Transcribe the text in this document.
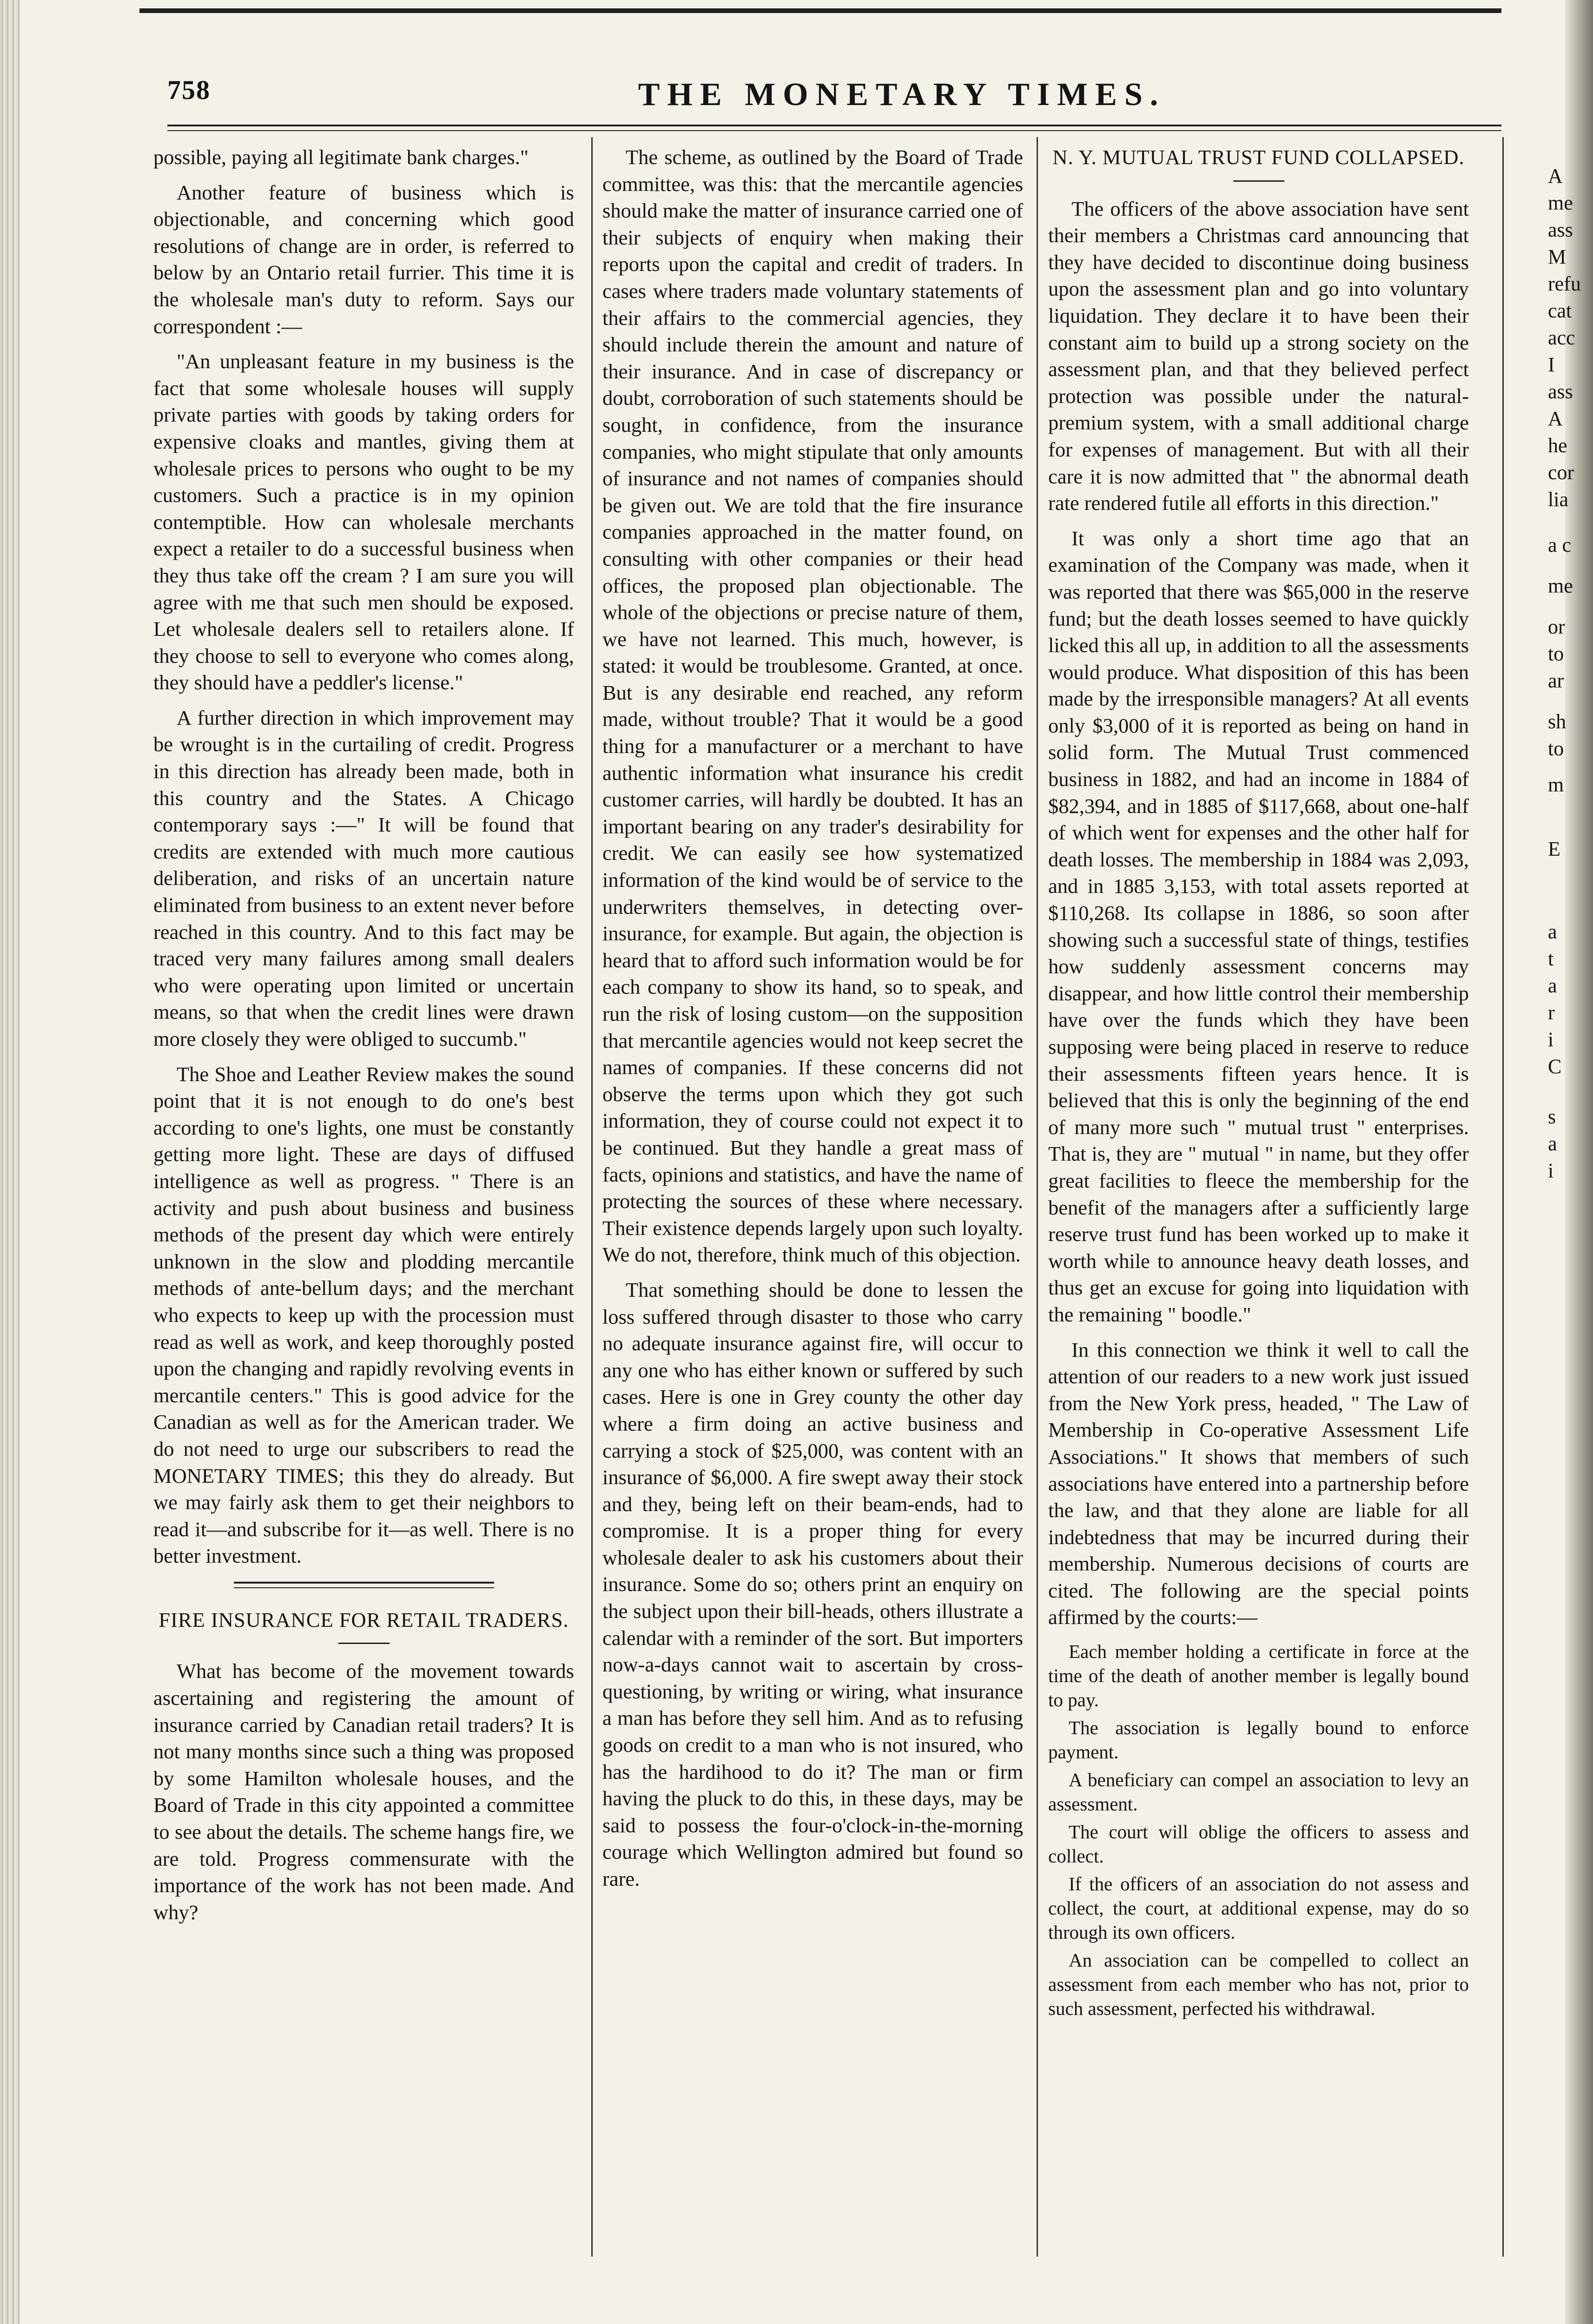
758	THE MONETARY TIMES.

possible, paying all legitimate bank charges."

Another feature of business which is objectionable, and concerning which good resolutions of change are in order, is referred to below by an Ontario retail furrier. This time it is the wholesale man's duty to reform. Says our correspondent :—

"An unpleasant feature in my business is the fact that some wholesale houses will supply private parties with goods by taking orders for expensive cloaks and mantles, giving them at wholesale prices to persons who ought to be my customers. Such a practice is in my opinion contemptible. How can wholesale merchants expect a retailer to do a successful business when they thus take off the cream ? I am sure you will agree with me that such men should be exposed. Let wholesale dealers sell to retailers alone. If they choose to sell to everyone who comes along, they should have a peddler's license."

A further direction in which improvement may be wrought is in the curtailing of credit. Progress in this direction has already been made, both in this country and the States. A Chicago contemporary says :—" It will be found that credits are extended with much more cautious deliberation, and risks of an uncertain nature eliminated from business to an extent never before reached in this country. And to this fact may be traced very many failures among small dealers who were operating upon limited or uncertain means, so that when the credit lines were drawn more closely they were obliged to succumb."

The Shoe and Leather Review makes the sound point that it is not enough to do one's best according to one's lights, one must be constantly getting more light. These are days of diffused intelligence as well as progress. " There is an activity and push about business and business methods of the present day which were entirely unknown in the slow and plodding mercantile methods of ante-bellum days; and the merchant who expects to keep up with the procession must read as well as work, and keep thoroughly posted upon the changing and rapidly revolving events in mercantile centers." This is good advice for the Canadian as well as for the American trader. We do not need to urge our subscribers to read the MONETARY TIMES; this they do already. But we may fairly ask them to get their neighbors to read it—and subscribe for it—as well. There is no better investment.

FIRE INSURANCE FOR RETAIL TRADERS.

What has become of the movement towards ascertaining and registering the amount of insurance carried by Canadian retail traders? It is not many months since such a thing was proposed by some Hamilton wholesale houses, and the Board of Trade in this city appointed a committee to see about the details. The scheme hangs fire, we are told. Progress commensurate with the importance of the work has not been made. And why?

The scheme, as outlined by the Board of Trade committee, was this: that the mercantile agencies should make the matter of insurance carried one of their subjects of enquiry when making their reports upon the capital and credit of traders. In cases where traders made voluntary statements of their affairs to the commercial agencies, they should include therein the amount and nature of their insurance. And in case of discrepancy or doubt, corroboration of such statements should be sought, in confidence, from the insurance companies, who might stipulate that only amounts of insurance and not names of companies should be given out. We are told that the fire insurance companies approached in the matter found, on consulting with other companies or their head offices, the proposed plan objectionable. The whole of the objections or precise nature of them, we have not learned. This much, however, is stated: it would be troublesome. Granted, at once. But is any desirable end reached, any reform made, without trouble? That it would be a good thing for a manufacturer or a merchant to have authentic information what insurance his credit customer carries, will hardly be doubted. It has an important bearing on any trader's desirability for credit. We can easily see how systematized information of the kind would be of service to the underwriters themselves, in detecting over-insurance, for example. But again, the objection is heard that to afford such information would be for each company to show its hand, so to speak, and run the risk of losing custom—on the supposition that mercantile agencies would not keep secret the names of companies. If these concerns did not observe the terms upon which they got such information, they of course could not expect it to be continued. But they handle a great mass of facts, opinions and statistics, and have the name of protecting the sources of these where necessary. Their existence depends largely upon such loyalty. We do not, therefore, think much of this objection.

That something should be done to lessen the loss suffered through disaster to those who carry no adequate insurance against fire, will occur to any one who has either known or suffered by such cases. Here is one in Grey county the other day where a firm doing an active business and carrying a stock of $25,000, was content with an insurance of $6,000. A fire swept away their stock and they, being left on their beam-ends, had to compromise. It is a proper thing for every wholesale dealer to ask his customers about their insurance. Some do so; others print an enquiry on the subject upon their bill-heads, others illustrate a calendar with a reminder of the sort. But importers now-a-days cannot wait to ascertain by cross-questioning, by writing or wiring, what insurance a man has before they sell him. And as to refusing goods on credit to a man who is not insured, who has the hardihood to do it? The man or firm having the pluck to do this, in these days, may be said to possess the four-o'clock-in-the-morning courage which Wellington admired but found so rare.

N. Y. MUTUAL TRUST FUND COLLAPSED.

The officers of the above association have sent their members a Christmas card announcing that they have decided to discontinue doing business upon the assessment plan and go into voluntary liquidation. They declare it to have been their constant aim to build up a strong society on the assessment plan, and that they believed perfect protection was possible under the natural-premium system, with a small additional charge for expenses of management. But with all their care it is now admitted that " the abnormal death rate rendered futile all efforts in this direction."

It was only a short time ago that an examination of the Company was made, when it was reported that there was $65,000 in the reserve fund; but the death losses seemed to have quickly licked this all up, in addition to all the assessments would produce. What disposition of this has been made by the irresponsible managers? At all events only $3,000 of it is reported as being on hand in solid form. The Mutual Trust commenced business in 1882, and had an income in 1884 of $82,394, and in 1885 of $117,668, about one-half of which went for expenses and the other half for death losses. The membership in 1884 was 2,093, and in 1885 3,153, with total assets reported at $110,268. Its collapse in 1886, so soon after showing such a successful state of things, testifies how suddenly assessment concerns may disappear, and how little control their membership have over the funds which they have been supposing were being placed in reserve to reduce their assessments fifteen years hence. It is believed that this is only the beginning of the end of many more such " mutual trust " enterprises. That is, they are " mutual " in name, but they offer great facilities to fleece the membership for the benefit of the managers after a sufficiently large reserve trust fund has been worked up to make it worth while to announce heavy death losses, and thus get an excuse for going into liquidation with the remaining " boodle."

In this connection we think it well to call the attention of our readers to a new work just issued from the New York press, headed, " The Law of Membership in Co-operative Assessment Life Associations." It shows that members of such associations have entered into a partnership before the law, and that they alone are liable for all indebtedness that may be incurred during their membership. Numerous decisions of courts are cited. The following are the special points affirmed by the courts:—

Each member holding a certificate in force at the time of the death of another member is legally bound to pay.

The association is legally bound to enforce payment.

A beneficiary can compel an association to levy an assessment.

The court will oblige the officers to assess and collect.

If the officers of an association do not assess and collect, the court, at additional expense, may do so through its own officers.

An association can be compelled to collect an assessment from each member who has not, prior to such assessment, perfected his withdrawal.

A
me
ass
M
refu
cat
acc
I
ass
A
he
cor
lia
a c
me
or
to
ar
sh
to
m
E
a
t
a
r
i
C
s
a
i
